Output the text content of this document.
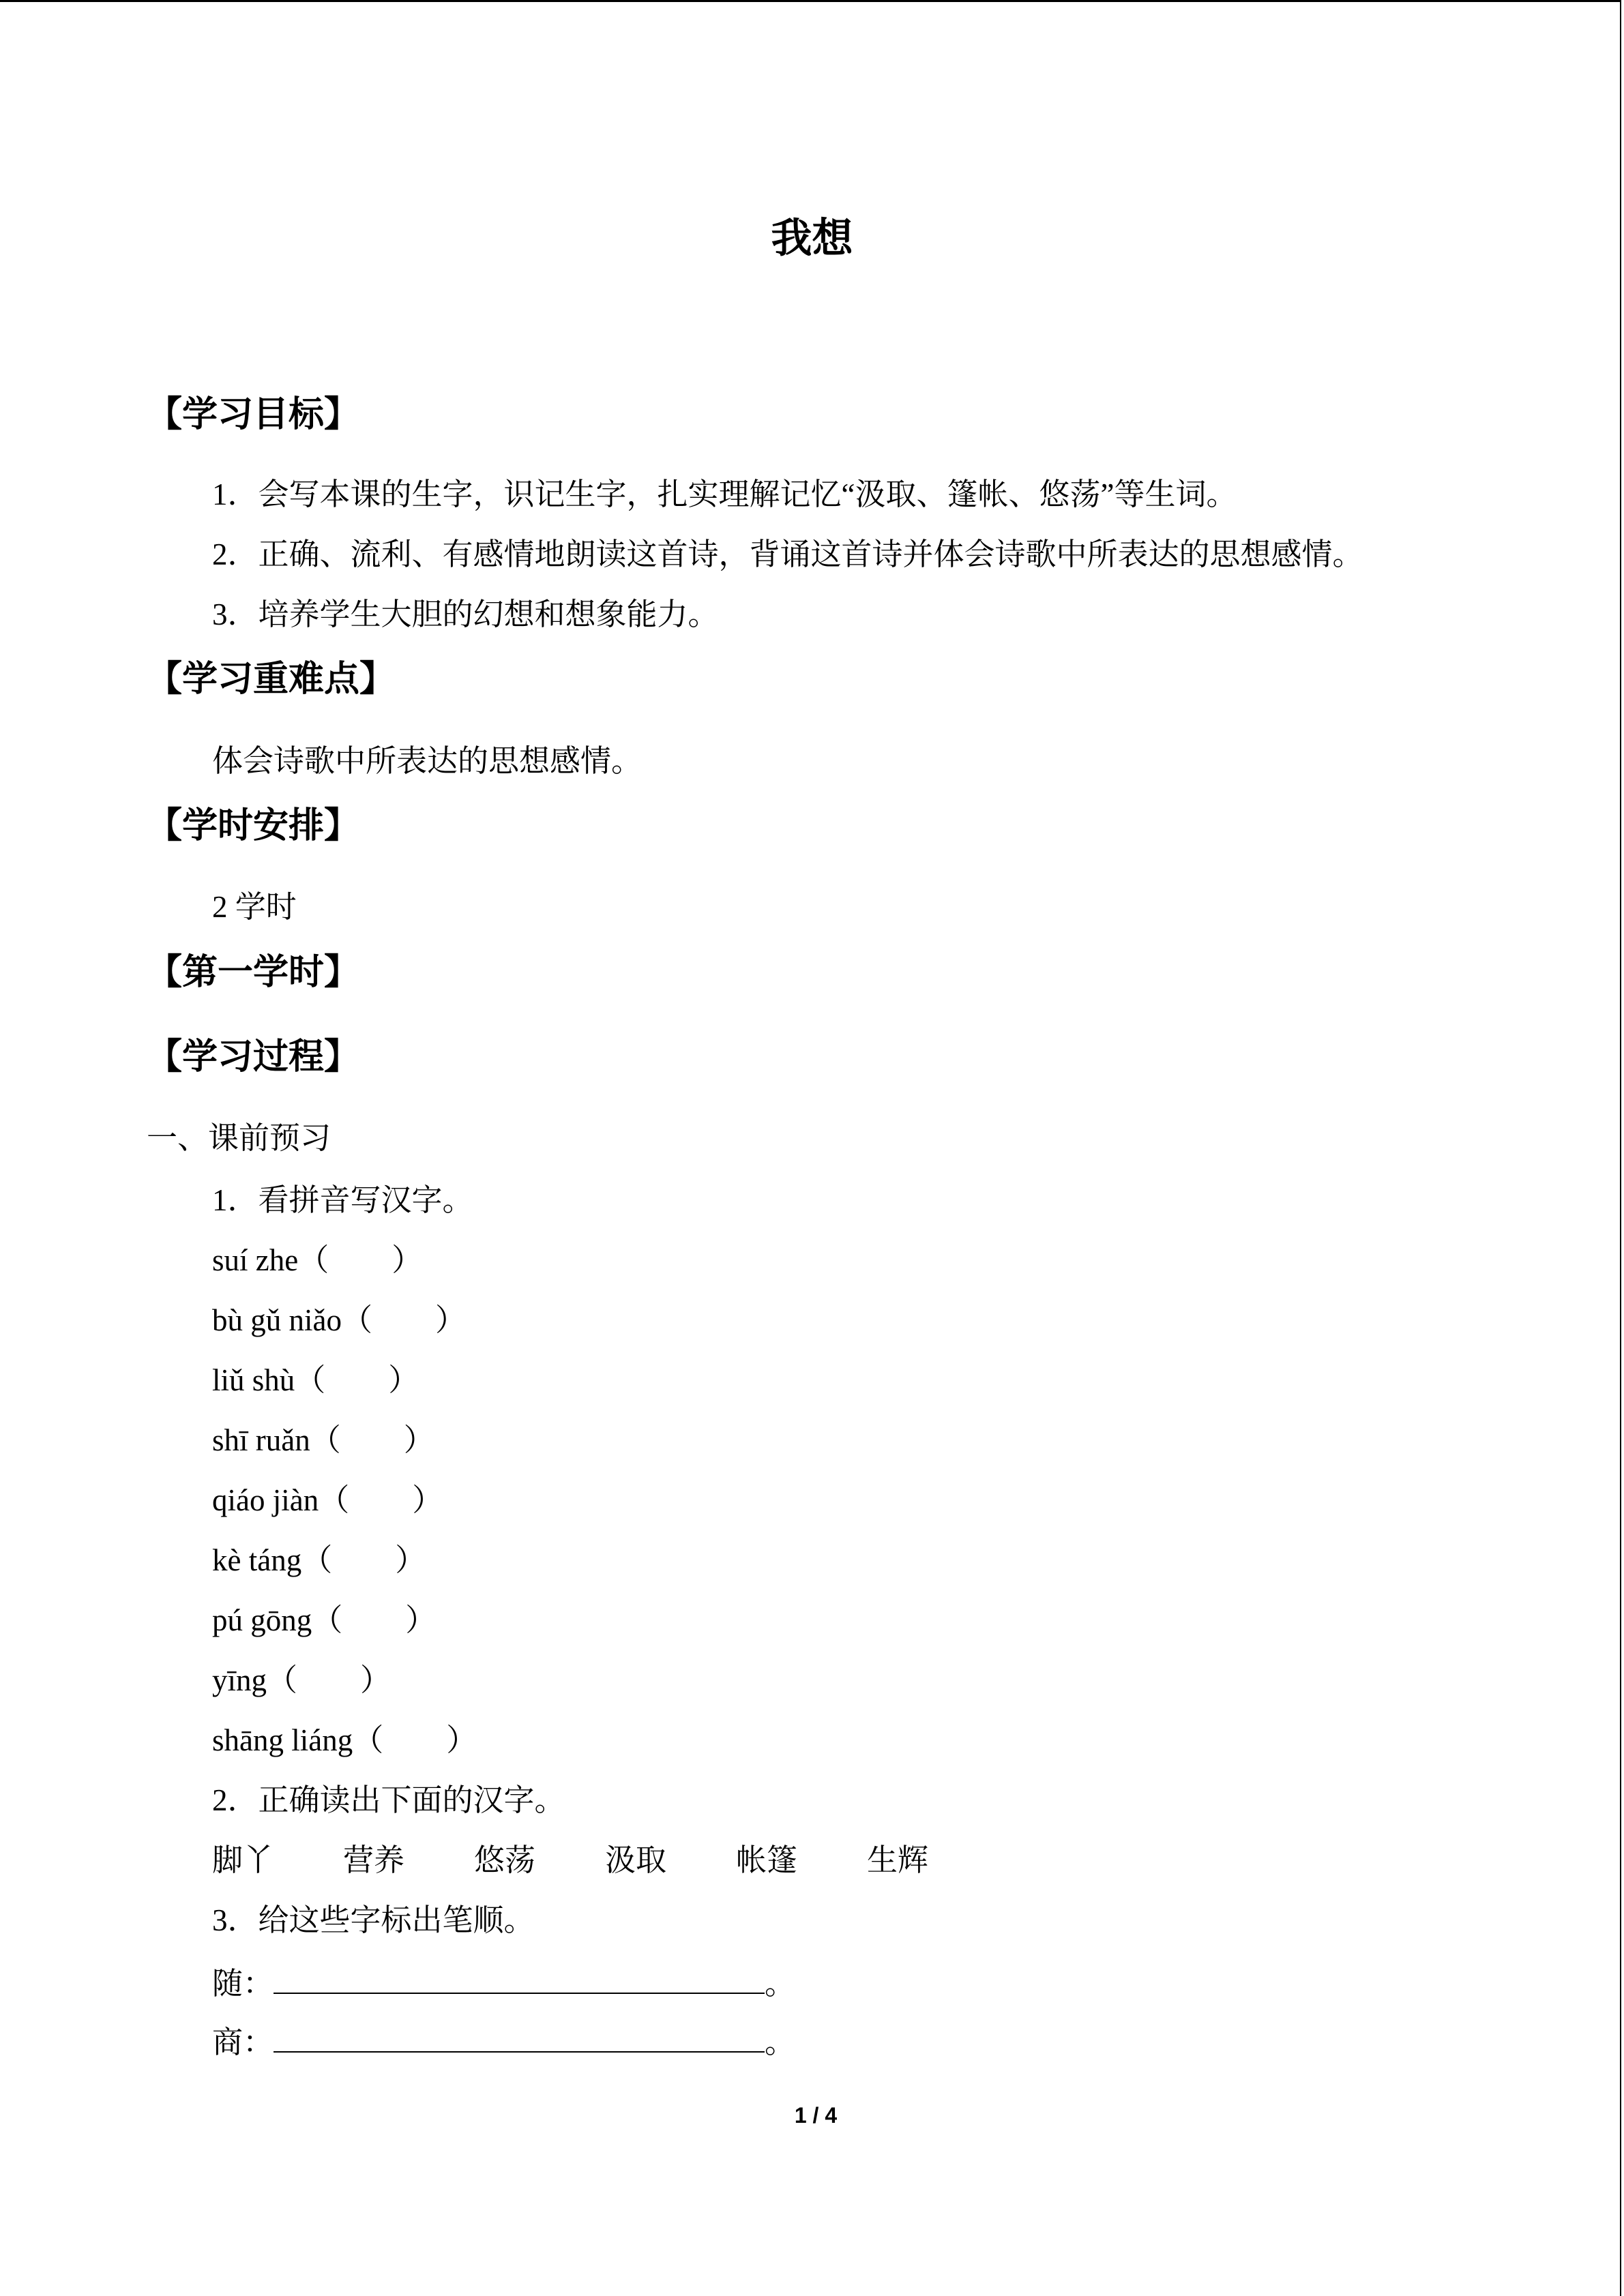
我想
【学习目标】
1．会写本课的生字，识记生字，扎实理解记忆“汲取、篷帐、悠荡”等生词。
2．正确、流利、有感情地朗读这首诗，背诵这首诗并体会诗歌中所表达的思想感情。
3．培养学生大胆的幻想和想象能力。
【学习重难点】
体会诗歌中所表达的思想感情。
【学时安排】
2 学时
【第一学时】
【学习过程】
一、课前预习
1．看拼音写汉字。
suí zhe（ ）
bù gǔ niǎo（ ）
liǔ shù（ ）
shī ruǎn（ ）
qiáo jiàn（ ）
kè táng（ ）
pú gōng（ ）
yīng（ ）
shāng liáng（ ）
2．正确读出下面的汉字。
脚丫 营养 悠荡 汲取 帐篷 生辉
3．给这些字标出笔顺。
随：	。
商：	。
1 / 4
